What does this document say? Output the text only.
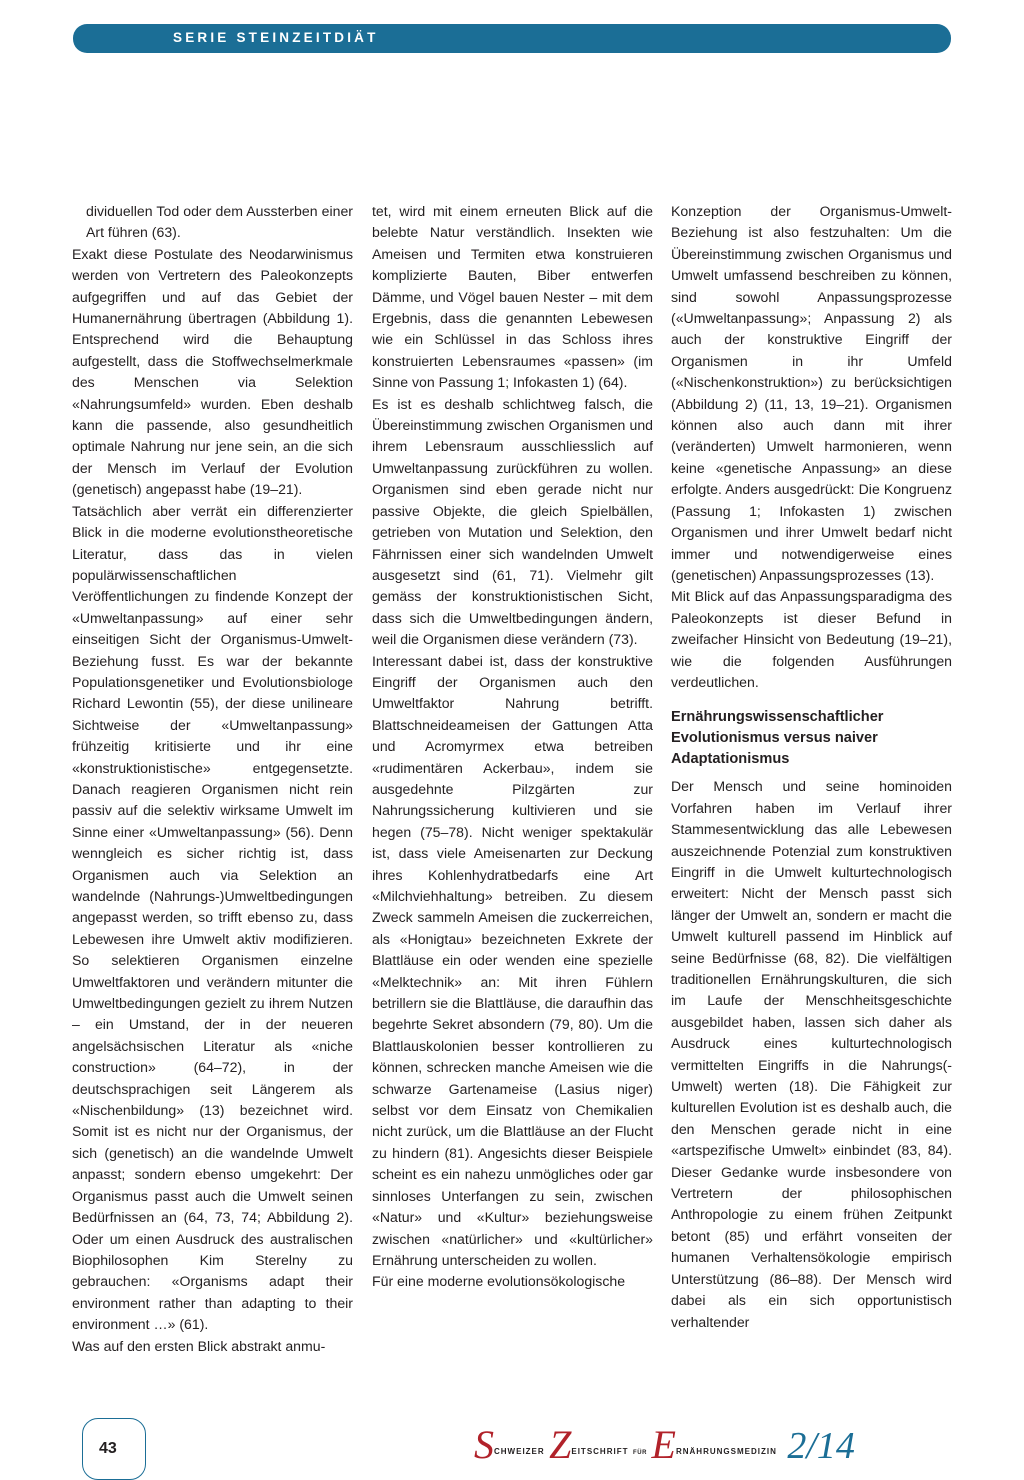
SERIE STEINZEITDIÄT

dividuellen Tod oder dem Aussterben einer Art führen (63).

Exakt diese Postulate des Neodarwinismus werden von Vertretern des Paleokonzepts aufgegriffen und auf das Gebiet der Humanernährung übertragen (Abbildung 1). Entsprechend wird die Behauptung aufgestellt, dass die Stoffwechselmerkmale des Menschen via Selektion «Nahrungsumfeld» wurden. Eben deshalb kann die passende, also gesundheitlich optimale Nahrung nur jene sein, an die sich der Mensch im Verlauf der Evolution (genetisch) angepasst habe (19–21).

Tatsächlich aber verrät ein differenzierter Blick in die moderne evolutionstheoretische Literatur, dass das in vielen populärwissenschaftlichen Veröffentlichungen zu findende Konzept der «Umweltanpassung» auf einer sehr einseitigen Sicht der Organismus-Umwelt-Beziehung fusst. Es war der bekannte Populationsgenetiker und Evolutionsbiologe Richard Lewontin (55), der diese unilineare Sichtweise der «Umweltanpassung» frühzeitig kritisierte und ihr eine «konstruktionistische» entgegensetzte. Danach reagieren Organismen nicht rein passiv auf die selektiv wirksame Umwelt im Sinne einer «Umweltanpassung» (56). Denn wenngleich es sicher richtig ist, dass Organismen auch via Selektion an wandelnde (Nahrungs-)Umweltbedingungen angepasst werden, so trifft ebenso zu, dass Lebewesen ihre Umwelt aktiv modifizieren. So selektieren Organismen einzelne Umweltfaktoren und verändern mitunter die Umweltbedingungen gezielt zu ihrem Nutzen – ein Umstand, der in der neueren angelsächsischen Literatur als «niche construction» (64–72), in der deutschsprachigen seit Längerem als «Nischenbildung» (13) bezeichnet wird. Somit ist es nicht nur der Organismus, der sich (genetisch) an die wandelnde Umwelt anpasst; sondern ebenso umgekehrt: Der Organismus passt auch die Umwelt seinen Bedürfnissen an (64, 73, 74; Abbildung 2). Oder um einen Ausdruck des australischen Biophilosophen Kim Sterelny zu gebrauchen: «Organisms adapt their environment rather than adapting to their environment …» (61).

Was auf den ersten Blick abstrakt anmu-

tet, wird mit einem erneuten Blick auf die belebte Natur verständlich. Insekten wie Ameisen und Termiten etwa konstruieren komplizierte Bauten, Biber entwerfen Dämme, und Vögel bauen Nester – mit dem Ergebnis, dass die genannten Lebewesen wie ein Schlüssel in das Schloss ihres konstruierten Lebensraumes «passen» (im Sinne von Passung 1; Infokasten 1) (64).

Es ist es deshalb schlichtweg falsch, die Übereinstimmung zwischen Organismen und ihrem Lebensraum ausschliesslich auf Umweltanpassung zurückführen zu wollen. Organismen sind eben gerade nicht nur passive Objekte, die gleich Spielbällen, getrieben von Mutation und Selektion, den Fährnissen einer sich wandelnden Umwelt ausgesetzt sind (61, 71). Vielmehr gilt gemäss der konstruktionistischen Sicht, dass sich die Umweltbedingungen ändern, weil die Organismen diese verändern (73).

Interessant dabei ist, dass der konstruktive Eingriff der Organismen auch den Umweltfaktor Nahrung betrifft. Blattschneideameisen der Gattungen Atta und Acromyrmex etwa betreiben «rudimentären Ackerbau», indem sie ausgedehnte Pilzgärten zur Nahrungssicherung kultivieren und sie hegen (75–78). Nicht weniger spektakulär ist, dass viele Ameisenarten zur Deckung ihres Kohlenhydratbedarfs eine Art «Milchviehhaltung» betreiben. Zu diesem Zweck sammeln Ameisen die zuckerreichen, als «Honigtau» bezeichneten Exkrete der Blattläuse ein oder wenden eine spezielle «Melktechnik» an: Mit ihren Fühlern betrillern sie die Blattläuse, die daraufhin das begehrte Sekret absondern (79, 80). Um die Blattlauskolonien besser kontrollieren zu können, schrecken manche Ameisen wie die schwarze Gartenameise (Lasius niger) selbst vor dem Einsatz von Chemikalien nicht zurück, um die Blattläuse an der Flucht zu hindern (81). Angesichts dieser Beispiele scheint es ein nahezu unmögliches oder gar sinnloses Unterfangen zu sein, zwischen «Natur» und «Kultur» beziehungsweise zwischen «natürlicher» und «kultürlicher» Ernährung unterscheiden zu wollen.

Für eine moderne evolutionsökologische

Konzeption der Organismus-Umwelt-Beziehung ist also festzuhalten: Um die Übereinstimmung zwischen Organismus und Umwelt umfassend beschreiben zu können, sind sowohl Anpassungsprozesse («Umweltanpassung»; Anpassung 2) als auch der konstruktive Eingriff der Organismen in ihr Umfeld («Nischenkonstruktion») zu berücksichtigen (Abbildung 2) (11, 13, 19–21). Organismen können also auch dann mit ihrer (veränderten) Umwelt harmonieren, wenn keine «genetische Anpassung» an diese erfolgte. Anders ausgedrückt: Die Kongruenz (Passung 1; Infokasten 1) zwischen Organismen und ihrer Umwelt bedarf nicht immer und notwendigerweise eines (genetischen) Anpassungsprozesses (13).

Mit Blick auf das Anpassungsparadigma des Paleokonzepts ist dieser Befund in zweifacher Hinsicht von Bedeutung (19–21), wie die folgenden Ausführungen verdeutlichen.

Ernährungswissenschaftlicher Evolutionismus versus naiver Adaptationismus

Der Mensch und seine hominoiden Vorfahren haben im Verlauf ihrer Stammesentwicklung das alle Lebewesen auszeichnende Potenzial zum konstruktiven Eingriff in die Umwelt kulturtechnologisch erweitert: Nicht der Mensch passt sich länger der Umwelt an, sondern er macht die Umwelt kulturell passend im Hinblick auf seine Bedürfnisse (68, 82). Die vielfältigen traditionellen Ernährungskulturen, die sich im Laufe der Menschheitsgeschichte ausgebildet haben, lassen sich daher als Ausdruck eines kulturtechnologisch vermittelten Eingriffs in die Nahrungs(-Umwelt) werten (18). Die Fähigkeit zur kulturellen Evolution ist es deshalb auch, die den Menschen gerade nicht in eine «artspezifische Umwelt» einbindet (83, 84). Dieser Gedanke wurde insbesondere von Vertretern der philosophischen Anthropologie zu einem frühen Zeitpunkt betont (85) und erfährt vonseiten der humanen Verhaltensökologie empirisch Unterstützung (86–88). Der Mensch wird dabei als ein sich opportunistisch verhaltender

43	$S^{CHWEIZER}$ $Z^{EITSCHRIFT}$ $^{FÜR}$ $E^{RNÄHRUNGSMEDIZIN}$ 2/14
